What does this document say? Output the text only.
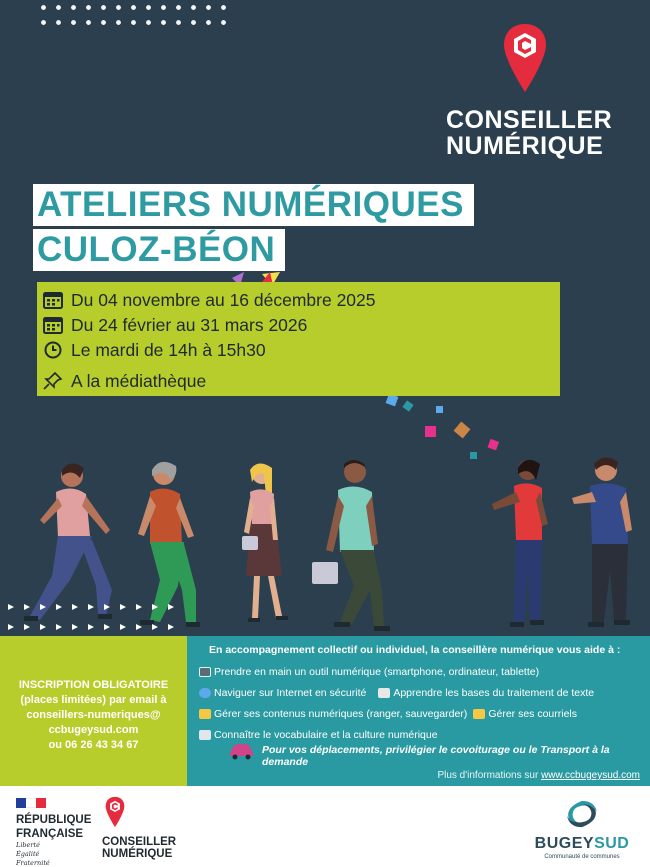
CONSEILLER
NUMÉRIQUE
ATELIERS NUMÉRIQUES
CULOZ-BÉON
Du 04 novembre au 16 décembre 2025
Du 24 février au 31 mars 2026
Le mardi de 14h à 15h30
A la médiathèque
INSCRIPTION OBLIGATOIRE
(places limitées) par email à
conseillers-numeriques@
ccbugeysud.com
ou 06 26 43 34 67
En accompagnement collectif ou individuel, la conseillère numérique vous aide à :
Prendre en main un outil numérique (smartphone, ordinateur, tablette)
Naviguer sur Internet en sécurité	Apprendre les bases du traitement de texte
Gérer ses contenus numériques (ranger, sauvegarder) Gérer ses courriels
Connaître le vocabulaire et la culture numérique
Pour vos déplacements, privilégier le covoiturage ou le Transport à la demande
Plus d'informations sur www.ccbugeysud.com
RÉPUBLIQUE
FRANÇAISE
Liberté
Égalité
Fraternité
CONSEILLER
NUMÉRIQUE
BUGEYSUD
Communauté de communes
